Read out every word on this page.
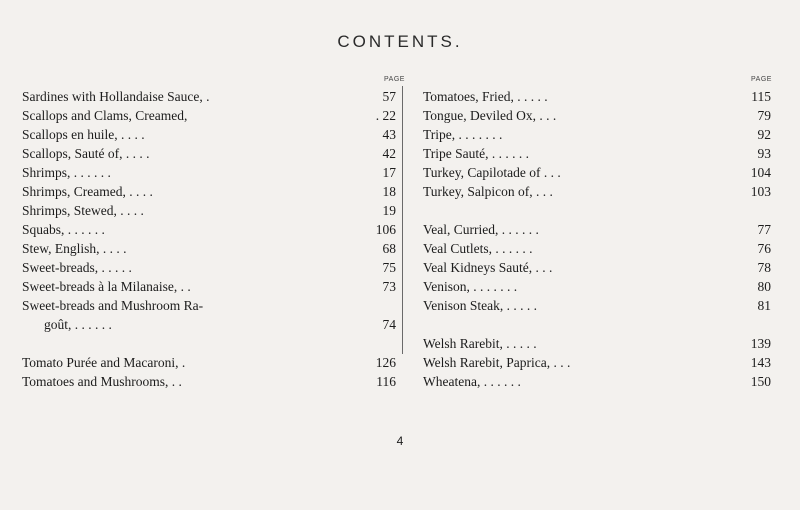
CONTENTS.
PAGE
Sardines with Hollandaise Sauce, .	57
Scallops and Clams, Creamed,	. 22
Scallops en huile, . . . .	43
Scallops, Sauté of, . . . .	42
Shrimps, . . . . . .	17
Shrimps, Creamed, . . . .	18
Shrimps, Stewed, . . . .	19
Squabs, . . . . . .	106
Stew, English, . . . .	68
Sweet-breads, . . . . .	75
Sweet-breads à la Milanaise, . .	73
Sweet-breads and Mushroom Ra-
goût, . . . . . .	74
Tomato Purée and Macaroni, .	126
Tomatoes and Mushrooms, . .	116
PAGE
Tomatoes, Fried, . . . . .	115
Tongue, Deviled Ox, . . .	79
Tripe, . . . . . . .	92
Tripe Sauté, . . . . . .	93
Turkey, Capilotade of . . .	104
Turkey, Salpicon of, . . .	103
Veal, Curried, . . . . . .	77
Veal Cutlets, . . . . . .	76
Veal Kidneys Sauté, . . .	78
Venison, . . . . . . .	80
Venison Steak, . . . . .	81
Welsh Rarebit, . . . . .	139
Welsh Rarebit, Paprica, . . .	143
Wheatena, . . . . . .	150
4
